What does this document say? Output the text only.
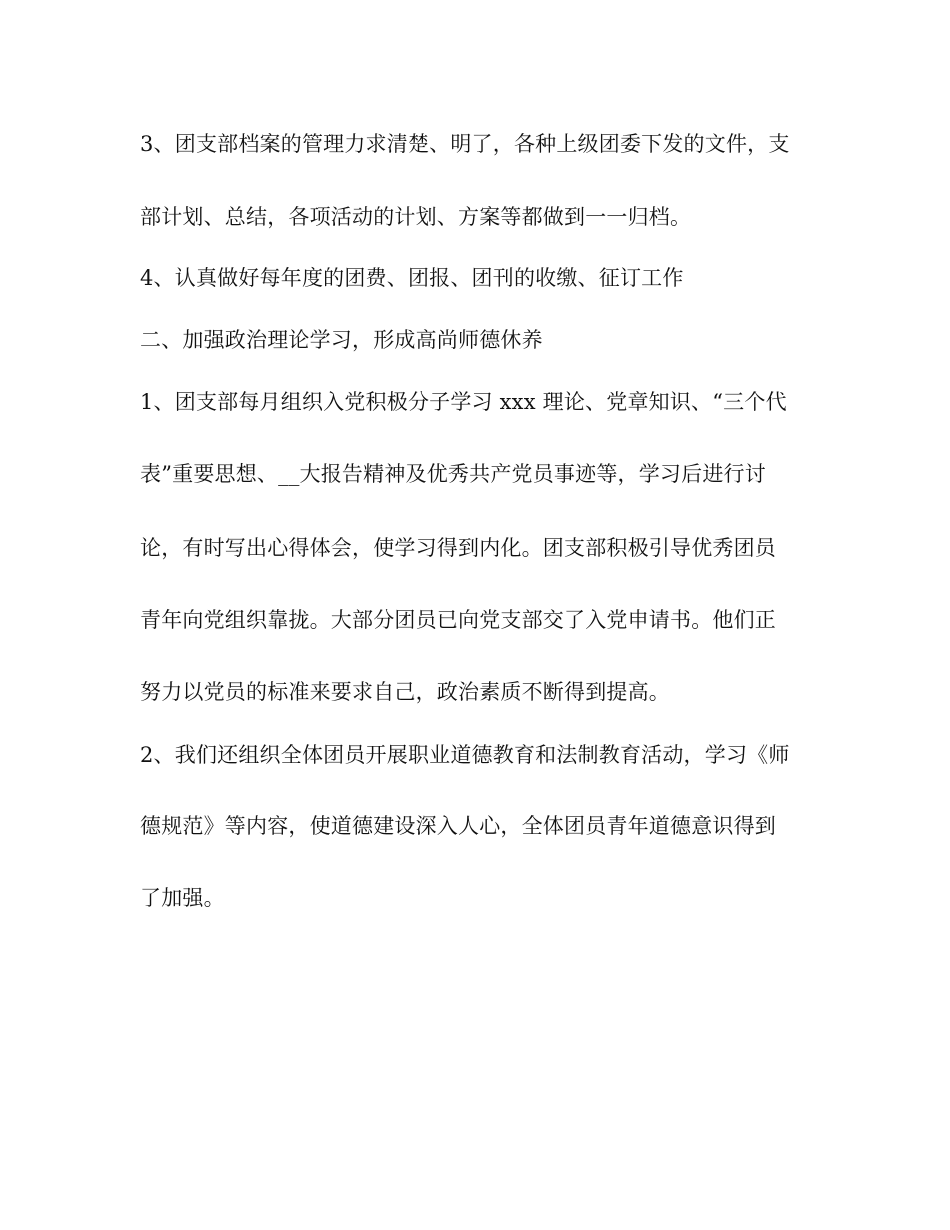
3、团支部档案的管理力求清楚、明了，各种上级团委下发的文件，支
部计划、总结，各项活动的计划、方案等都做到一一归档。
4、认真做好每年度的团费、团报、团刊的收缴、征订工作
二、加强政治理论学习，形成高尚师德休养
1、团支部每月组织入党积极分子学习 xxx 理论、党章知识、“三个代
表”重要思想、__大报告精神及优秀共产党员事迹等，学习后进行讨
论，有时写出心得体会，使学习得到内化。团支部积极引导优秀团员
青年向党组织靠拢。大部分团员已向党支部交了入党申请书。他们正
努力以党员的标准来要求自己，政治素质不断得到提高。
2、我们还组织全体团员开展职业道德教育和法制教育活动，学习《师
德规范》等内容，使道德建设深入人心，全体团员青年道德意识得到
了加强。
